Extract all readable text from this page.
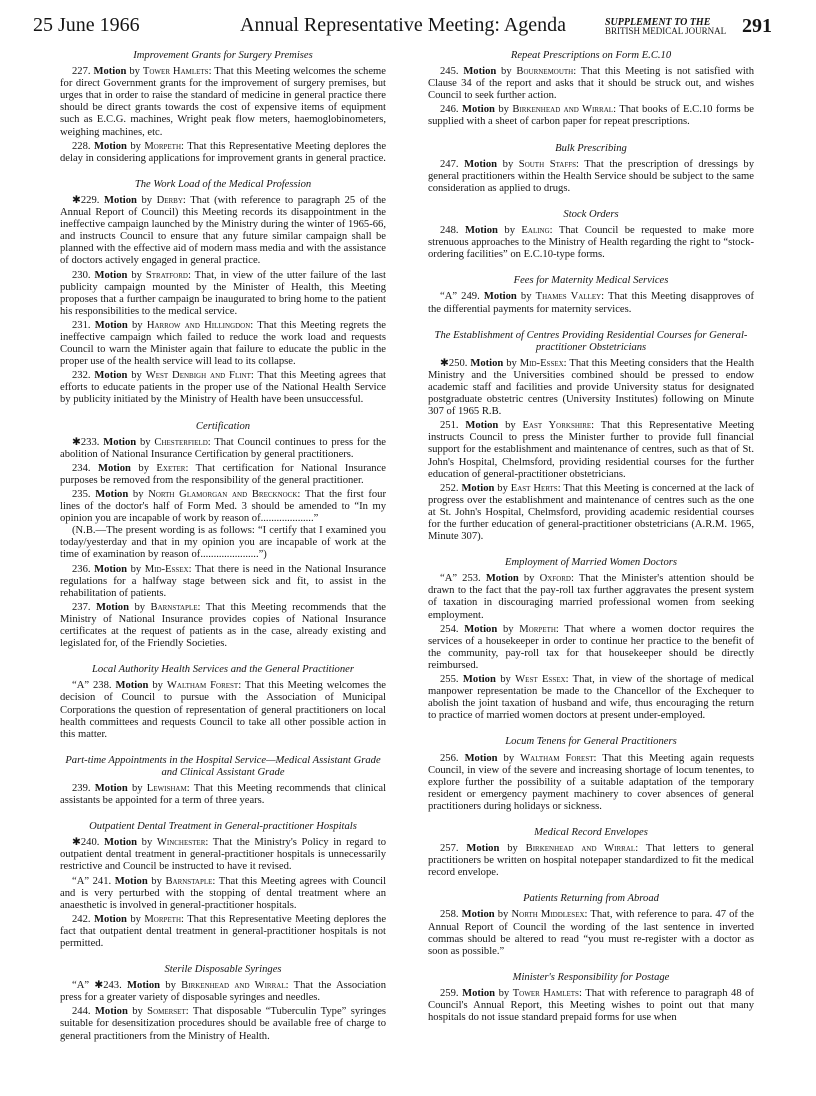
25 June 1966	Annual Representative Meeting: Agenda	SUPPLEMENT TO THE
BRITISH MEDICAL JOURNAL 291
Improvement Grants for Surgery Premises

227. Motion by Tower Hamlets: That this Meeting welcomes the scheme for direct Government grants for the improvement of surgery premises, but urges that in order to raise the standard of medicine in general practice there should be direct grants towards the cost of expensive items of equipment such as E.C.G. machines, Wright peak flow meters, haemoglobinometers, weighing machines, etc.

228. Motion by Morpeth: That this Representative Meeting deplores the delay in considering applications for improvement grants in general practice.

The Work Load of the Medical Profession

✱229. Motion by Derby: That (with reference to paragraph 25 of the Annual Report of Council) this Meeting records its disappointment in the ineffective campaign launched by the Ministry during the winter of 1965-66, and instructs Council to ensure that any future similar campaign shall be planned with the effective aid of modern mass media and with the assistance of doctors actively engaged in general practice.

230. Motion by Stratford: That, in view of the utter failure of the last publicity campaign mounted by the Minister of Health, this Meeting proposes that a further campaign be inaugurated to bring home to the patient his responsibilities to the medical service.

231. Motion by Harrow and Hillingdon: That this Meeting regrets the ineffective campaign which failed to reduce the work load and requests Council to warn the Minister again that failure to educate the public in the proper use of the health service will lead to its collapse.

232. Motion by West Denbigh and Flint: That this Meeting agrees that efforts to educate patients in the proper use of the National Health Service by publicity initiated by the Ministry of Health have been unsuccessful.

Certification

✱233. Motion by Chesterfield: That Council continues to press for the abolition of National Insurance Certification by general practitioners.

234. Motion by Exeter: That certification for National Insurance purposes be removed from the responsibility of the general practitioner.

235. Motion by North Glamorgan and Brecknock: That the first four lines of the doctor's half of Form Med. 3 should be amended to “In my opinion you are incapable of work by reason of....................”

(N.B.—The present wording is as follows: “I certify that I examined you today/yesterday and that in my opinion you are incapable of work at the time of examination by reason of......................”)

236. Motion by Mid-Essex: That there is need in the National Insurance regulations for a halfway stage between sick and fit, to assist in the rehabilitation of patients.

237. Motion by Barnstaple: That this Meeting recommends that the Ministry of National Insurance provides copies of National Insurance certificates at the request of patients as in the case, already existing and legislated for, of the Friendly Societies.

Local Authority Health Services and the General Practitioner

“A” 238. Motion by Waltham Forest: That this Meeting welcomes the decision of Council to pursue with the Association of Municipal Corporations the question of representation of general practitioners on local health committees and requests Council to take all other possible action in this matter.

Part-time Appointments in the Hospital Service—Medical Assistant Grade and Clinical Assistant Grade

239. Motion by Lewisham: That this Meeting recommends that clinical assistants be appointed for a term of three years.

Outpatient Dental Treatment in General-practitioner Hospitals

✱240. Motion by Winchester: That the Ministry's Policy in regard to outpatient dental treatment in general-practitioner hospitals is unnecessarily restrictive and Council be instructed to have it revised.

“A” 241. Motion by Barnstaple: That this Meeting agrees with Council and is very perturbed with the stopping of dental treatment where an anaesthetic is involved in general-practitioner hospitals.

242. Motion by Morpeth: That this Representative Meeting deplores the fact that outpatient dental treatment in general-practitioner hospitals is not permitted.

Sterile Disposable Syringes

“A” ✱243. Motion by Birkenhead and Wirral: That the Association press for a greater variety of disposable syringes and needles.

244. Motion by Somerset: That disposable “Tuberculin Type” syringes suitable for desensitization procedures should be available free of charge to general practitioners from the Ministry of Health.

Repeat Prescriptions on Form E.C.10

245. Motion by Bournemouth: That this Meeting is not satisfied with Clause 34 of the report and asks that it should be struck out, and wishes Council to seek further action.

246. Motion by Birkenhead and Wirral: That books of E.C.10 forms be supplied with a sheet of carbon paper for repeat prescriptions.

Bulk Prescribing

247. Motion by South Staffs: That the prescription of dressings by general practitioners within the Health Service should be subject to the same consideration as applied to drugs.

Stock Orders

248. Motion by Ealing: That Council be requested to make more strenuous approaches to the Ministry of Health regarding the right to “stock-ordering facilities” on E.C.10-type forms.

Fees for Maternity Medical Services

“A” 249. Motion by Thames Valley: That this Meeting disapproves of the differential payments for maternity services.

The Establishment of Centres Providing Residential Courses for General-practitioner Obstetricians

✱250. Motion by Mid-Essex: That this Meeting considers that the Health Ministry and the Universities combined should be pressed to endow academic staff and facilities and provide University status for designated postgraduate obstetric centres (University Institutes) following on Minute 307 of 1965 R.B.

251. Motion by East Yorkshire: That this Representative Meeting instructs Council to press the Minister further to provide full financial support for the establishment and maintenance of centres, such as that of St. John's Hospital, Chelmsford, providing residential courses for the further education of general-practitioner obstetricians.

252. Motion by East Herts: That this Meeting is concerned at the lack of progress over the establishment and maintenance of centres such as the one at St. John's Hospital, Chelmsford, providing academic residential courses for the further education of general-practitioner obstetricians (A.R.M. 1965, Minute 307).

Employment of Married Women Doctors

“A” 253. Motion by Oxford: That the Minister's attention should be drawn to the fact that the pay-roll tax further aggravates the present system of taxation in discouraging married professional women from seeking employment.

254. Motion by Morpeth: That where a women doctor requires the services of a housekeeper in order to continue her practice to the benefit of the community, pay-roll tax for that housekeeper should be directly reimbursed.

255. Motion by West Essex: That, in view of the shortage of medical manpower representation be made to the Chancellor of the Exchequer to abolish the joint taxation of husband and wife, thus encouraging the return to practice of married women doctors at present under-employed.

Locum Tenens for General Practitioners

256. Motion by Waltham Forest: That this Meeting again requests Council, in view of the severe and increasing shortage of locum tenentes, to explore further the possibility of a suitable adaptation of the temporary resident or emergency payment machinery to cover absences of general practitioners during holidays or sickness.

Medical Record Envelopes

257. Motion by Birkenhead and Wirral: That letters to general practitioners be written on hospital notepaper standardized to fit the medical record envelope.

Patients Returning from Abroad

258. Motion by North Middlesex: That, with reference to para. 47 of the Annual Report of Council the wording of the last sentence in inverted commas should be altered to read “you must re-register with a doctor as soon as possible.”

Minister's Responsibility for Postage

259. Motion by Tower Hamlets: That with reference to paragraph 48 of Council's Annual Report, this Meeting wishes to point out that many hospitals do not issue standard prepaid forms for use when
